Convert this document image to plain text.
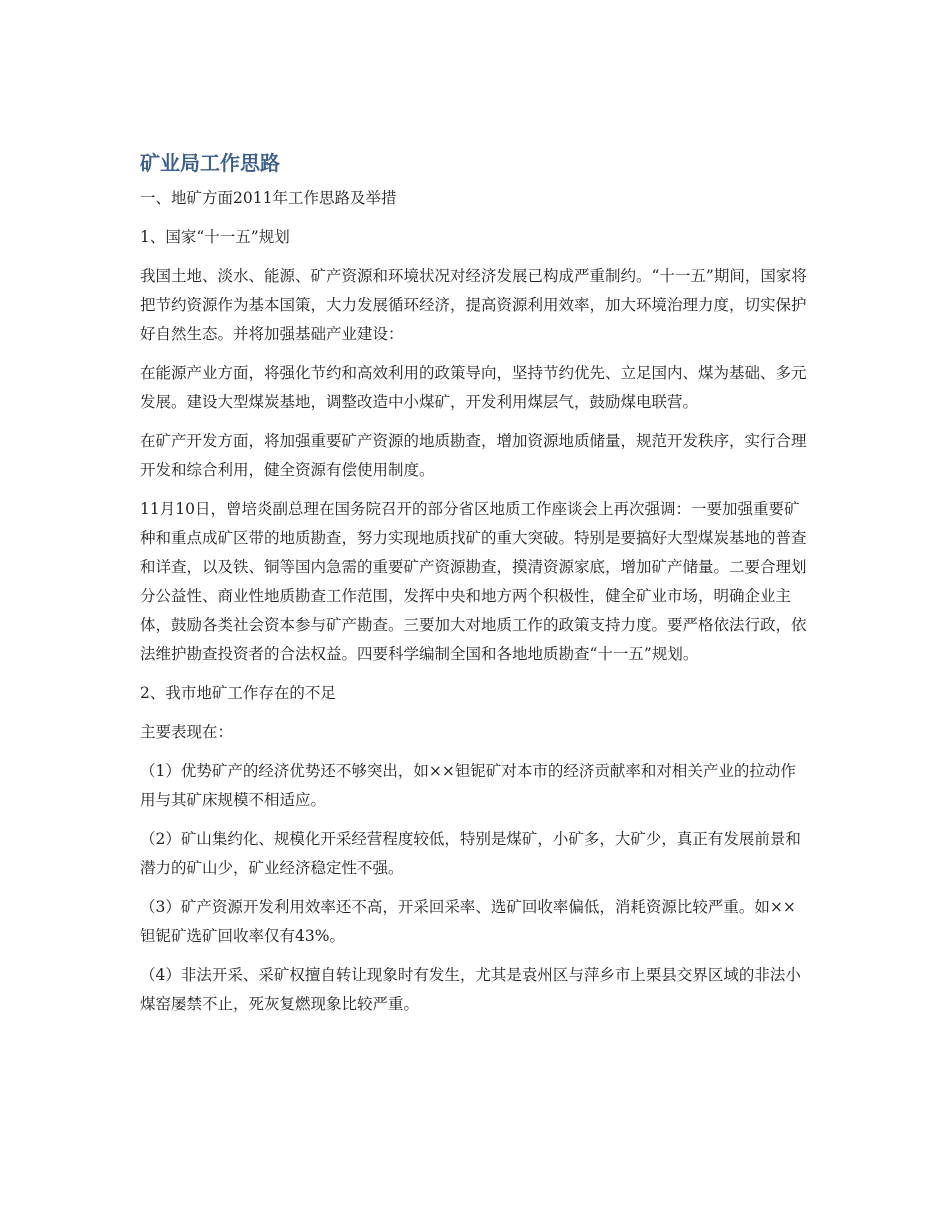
矿业局工作思路

一、地矿方面2011年工作思路及举措

1、国家“十一五”规划

我国土地、淡水、能源、矿产资源和环境状况对经济发展已构成严重制约。“十一五”期间，国家将把节约资源作为基本国策，大力发展循环经济，提高资源利用效率，加大环境治理力度，切实保护好自然生态。并将加强基础产业建设：

在能源产业方面，将强化节约和高效利用的政策导向，坚持节约优先、立足国内、煤为基础、多元发展。建设大型煤炭基地，调整改造中小煤矿，开发利用煤层气，鼓励煤电联营。

在矿产开发方面，将加强重要矿产资源的地质勘查，增加资源地质储量，规范开发秩序，实行合理开发和综合利用，健全资源有偿使用制度。

11月10日，曾培炎副总理在国务院召开的部分省区地质工作座谈会上再次强调：一要加强重要矿种和重点成矿区带的地质勘查，努力实现地质找矿的重大突破。特别是要搞好大型煤炭基地的普查和详查，以及铁、铜等国内急需的重要矿产资源勘查，摸清资源家底，增加矿产储量。二要合理划分公益性、商业性地质勘查工作范围，发挥中央和地方两个积极性，健全矿业市场，明确企业主体，鼓励各类社会资本参与矿产勘查。三要加大对地质工作的政策支持力度。要严格依法行政，依法维护勘查投资者的合法权益。四要科学编制全国和各地地质勘查“十一五”规划。

2、我市地矿工作存在的不足

主要表现在：

（1）优势矿产的经济优势还不够突出，如××钽铌矿对本市的经济贡献率和对相关产业的拉动作用与其矿床规模不相适应。

（2）矿山集约化、规模化开采经营程度较低，特别是煤矿，小矿多，大矿少，真正有发展前景和潜力的矿山少，矿业经济稳定性不强。

（3）矿产资源开发利用效率还不高，开采回采率、选矿回收率偏低，消耗资源比较严重。如××钽铌矿选矿回收率仅有43%。

（4）非法开采、采矿权擅自转让现象时有发生，尤其是袁州区与萍乡市上栗县交界区域的非法小煤窑屡禁不止，死灰复燃现象比较严重。
